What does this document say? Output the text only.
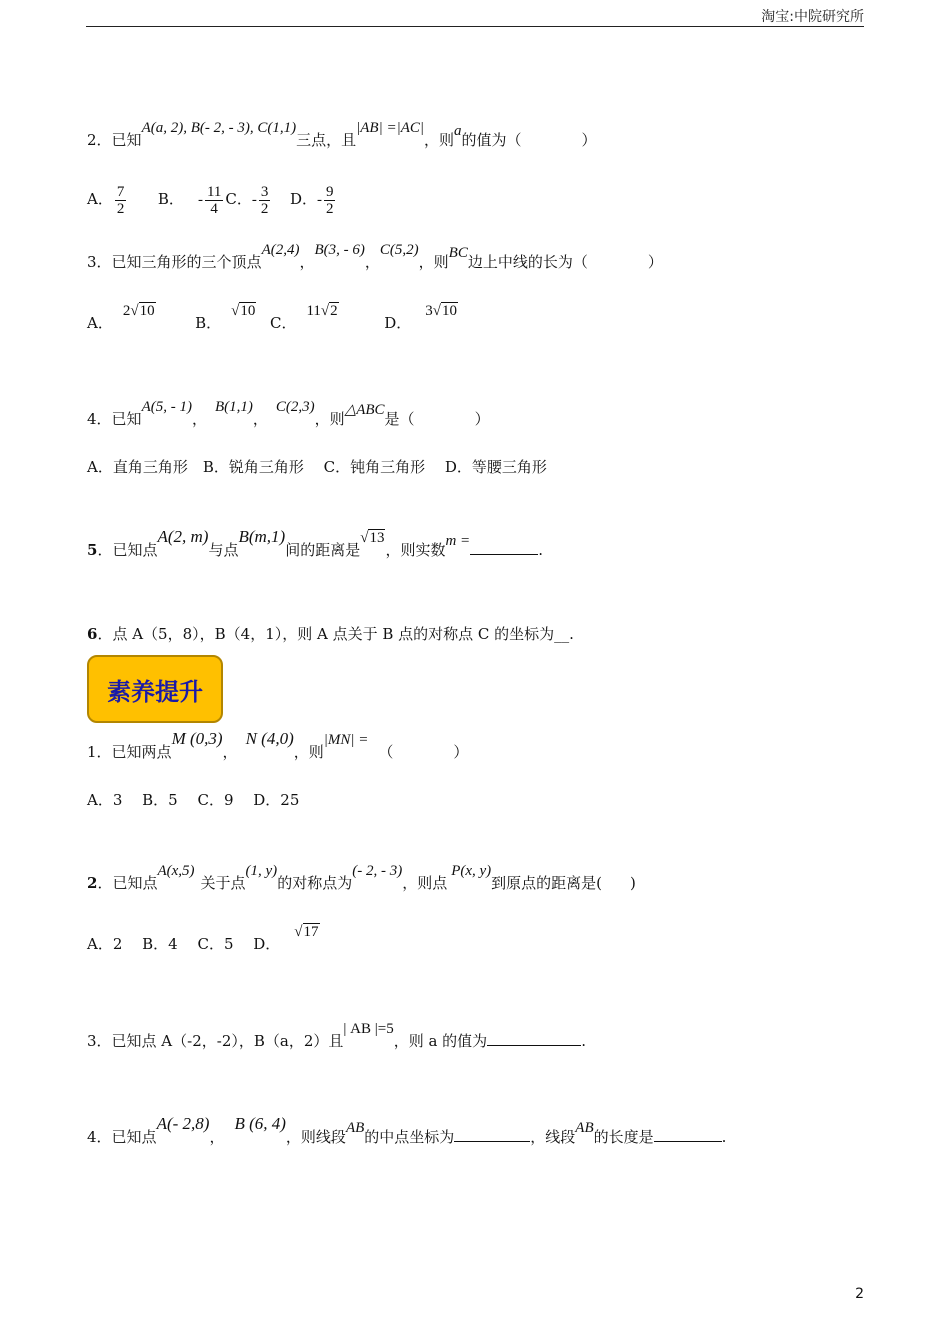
淘宝:中院研究所
2．已知A(a, 2), B(- 2, - 3), C(1,1)三点，且|AB| =|AC|，则a的值为（	）
A． $\frac{7}{2}$ B． - $\frac{11}{4}$ C．- $\frac{3}{2}$ D．- $\frac{9}{2}$
3．已知三角形的三个顶点A(2,4)，B(3, - 6)，C(5,2)，则BC边上中线的长为（	）
A．2√10  B．√10  C．11√2  D．3√10
4．已知A(5, - 1)，B(1,1)，C(2,3)，则△ABC是（	）
A．直角三角形　B．锐角三角形　 C．钝角三角形　 D．等腰三角形
5．已知点A(2, m)与点B(m,1)间的距离是√13，则实数m =	.
6．点 A（5，8），B（4，1），则 A 点关于 B 点的对称点 C 的坐标为__.
素养提升
1．已知两点M (0,3)，N (4,0)，则|MN| =（	）
A．3　 B．5　 C．9　 D．25
2．已知点A(x,5)关于点(1, y)的对称点为(- 2, - 3)，则点P(x, y)到原点的距离是( )
A．2　 B．4　 C．5　 D．√17
3．已知点 A（-2，-2），B（a，2）且| AB |=5，则 a 的值为	.
4．已知点A(- 2,8)，B (6, 4)，则线段AB的中点坐标为	，线段AB的长度是	.
2
